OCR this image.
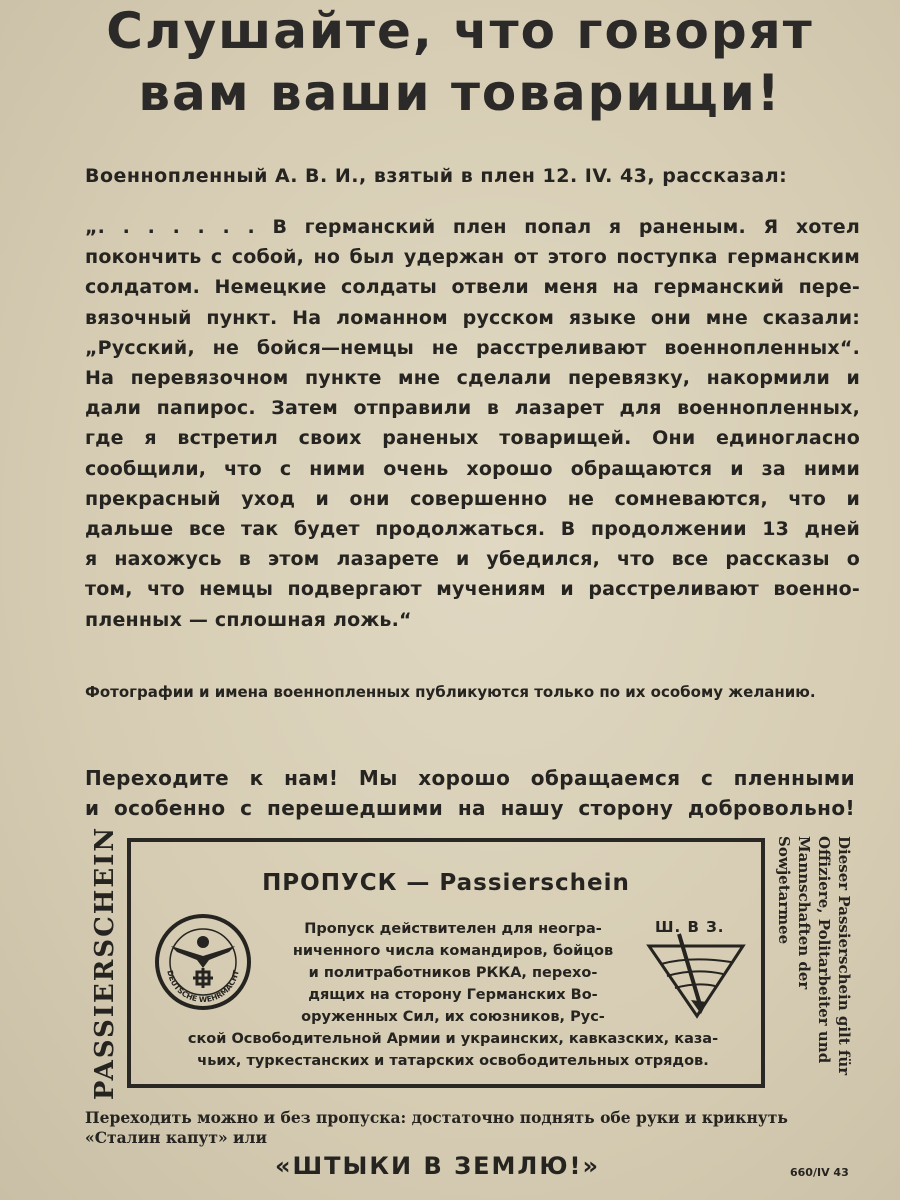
Слушайте, что говорят
вам ваши товарищи!
Военнопленный А. В. И., взятый в плен 12. IV. 43, рассказал:
„. . . . . . . В германский плен попал я раненым. Я хотел
покончить с собой, но был удержан от этого поступка германским
солдатом. Немецкие солдаты отвели меня на германский пере-
вязочный пункт. На ломанном русском языке они мне сказали:
„Русский, не бойся—немцы не расстреливают военнопленных“.
На перевязочном пункте мне сделали перевязку, накормили и
дали папирос. Затем отправили в лазарет для военнопленных,
где я встретил своих раненых товарищей. Они единогласно
сообщили, что с ними очень хорошо обращаются и за ними
прекрасный уход и они совершенно не сомневаются, что и
дальше все так будет продолжаться. В продолжении 13 дней
я нахожусь в этом лазарете и убедился, что все рассказы о
том, что немцы подвергают мучениям и расстреливают военно-
пленных — сплошная ложь.“
Фотографии и имена военнопленных публикуются только по их особому желанию.
Переходите к нам! Мы хорошо обращаемся с пленными
и особенно с перешедшими на нашу сторону добровольно!
PASSIERSCHEIN	ПРОПУСК — Passierschein
DEUTSCHE WEHRMACHT
Пропуск действителен для неогра-
ниченного числа командиров, бойцов
и политработников РККА, перехо-
дящих на сторону Германских Во-
оруженных Сил, их союзников, Рус-
ской Освободительной Армии и украинских, кавказских, каза-
чьих, туркестанских и татарских освободительных отрядов.
Ш. В З.	Dieser Passierschein gilt für Offiziere, Politarbeiter und Mannschaften der Sowjetarmee
Переходить можно и без пропуска: достаточно поднять обе руки и крикнуть
«Сталин капут» или
«ШТЫКИ В ЗЕМЛЮ!»	660/IV 43
